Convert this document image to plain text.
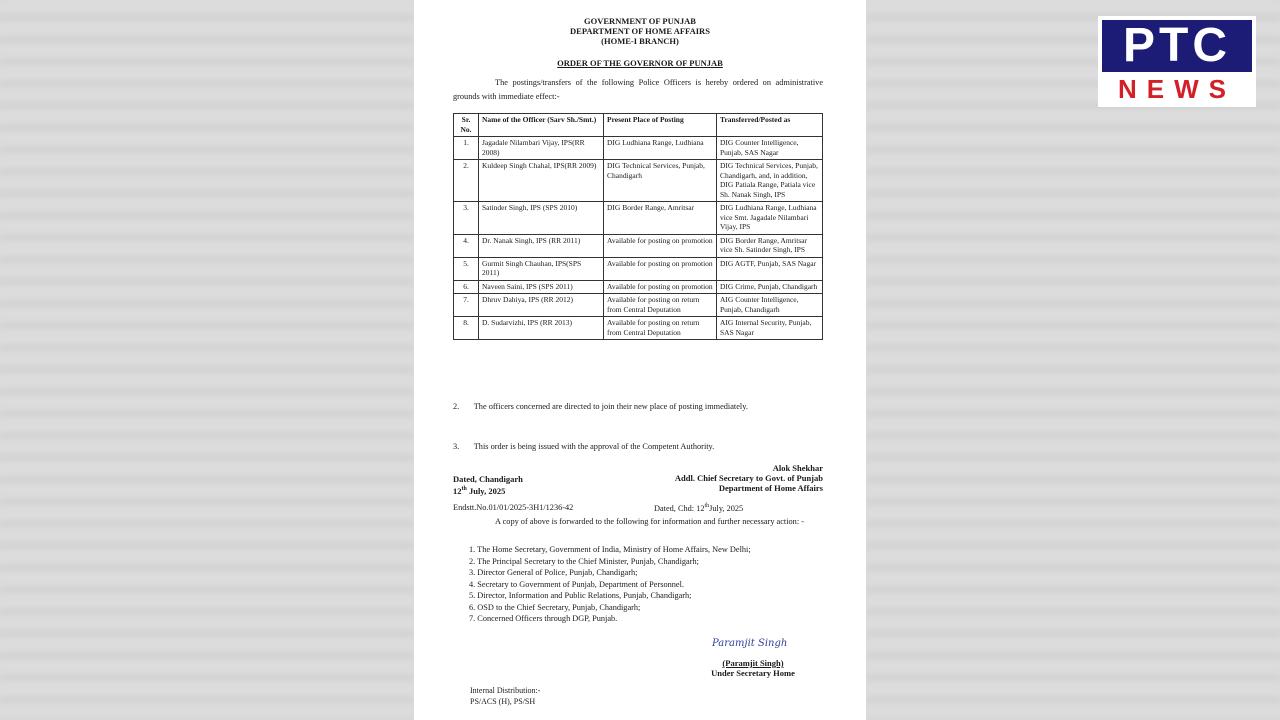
GOVERNMENT OF PUNJAB
DEPARTMENT OF HOME AFFAIRS
(HOME-I BRANCH)
ORDER OF THE GOVERNOR OF PUNJAB
The postings/transfers of the following Police Officers is hereby ordered on administrative grounds with immediate effect:-
Sr. No.	Name of the Officer (Sarv Sh./Smt.)	Present Place of Posting	Transferred/Posted as
1.	Jagadale Nilambari Vijay, IPS(RR 2008)	DIG Ludhiana Range, Ludhiana	DIG Counter Intelligence, Punjab, SAS Nagar
2.	Kuldeep Singh Chahal, IPS(RR 2009)	DIG Technical Services, Punjab, Chandigarh	DIG Technical Services, Punjab, Chandigarh, and, in addition, DIG Patiala Range, Patiala vice Sh. Nanak Singh, IPS
3.	Satinder Singh, IPS (SPS 2010)	DIG Border Range, Amritsar	DIG Ludhiana Range, Ludhiana vice Smt. Jagadale Nilambari Vijay, IPS
4.	Dr. Nanak Singh, IPS (RR 2011)	Available for posting on promotion	DIG Border Range, Amritsar vice Sh. Satinder Singh, IPS
5.	Gurmit Singh Chauhan, IPS(SPS 2011)	Available for posting on promotion	DIG AGTF, Punjab, SAS Nagar
6.	Naveen Saini, IPS (SPS 2011)	Available for posting on promotion	DIG Crime, Punjab, Chandigarh
7.	Dhruv Dahiya, IPS (RR 2012)	Available for posting on return from Central Deputation	AIG Counter Intelligence, Punjab, Chandigarh
8.	D. Sudarvizhi, IPS (RR 2013)	Available for posting on return from Central Deputation	AIG Internal Security, Punjab, SAS Nagar
2.       The officers concerned are directed to join their new place of posting immediately.
3.       This order is being issued with the approval of the Competent Authority.
Dated, Chandigarh
12th July, 2025
Alok Shekhar
Addl. Chief Secretary to Govt. of Punjab
Department of Home Affairs
Endstt.No.01/01/2025-3H1/1236-42	Dated, Chd: 12thJuly, 2025
A copy of above is forwarded to the following for information and further necessary action: -
1. The Home Secretary, Government of India, Ministry of Home Affairs, New Delhi;
2. The Principal Secretary to the Chief Minister, Punjab, Chandigarh;
3. Director General of Police, Punjab, Chandigarh;
4. Secretary to Government of Punjab, Department of Personnel.
5. Director, Information and Public Relations, Punjab, Chandigarh;
6. OSD to the Chief Secretary, Punjab, Chandigarh;
7. Concerned Officers through DGP, Punjab.
Paramjit Singh
(Paramjit Singh)
Under Secretary Home
Internal Distribution:-
PS/ACS (H), PS/SH
PTC
NEWS
